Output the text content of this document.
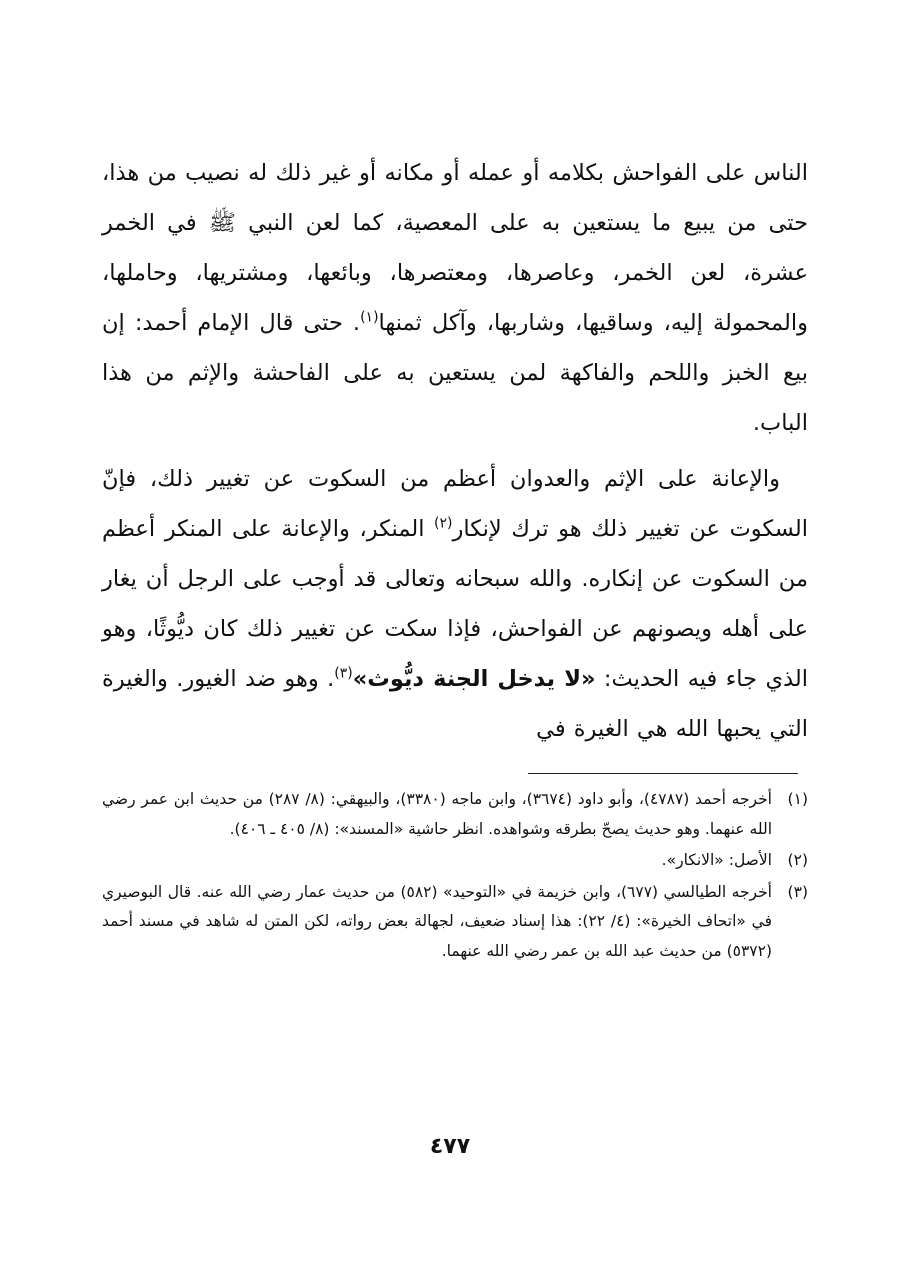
الناس على الفواحش بكلامه أو عمله أو مكانه أو غير ذلك له نصيب من هذا، حتى من يبيع ما يستعين به على المعصية، كما لعن النبي ﷺ في الخمر عشرة، لعن الخمر، وعاصرها، ومعتصرها، وبائعها، ومشتريها، وحاملها، والمحمولة إليه، وساقيها، وشاربها، وآكل ثمنها$^{(١)}$. حتى قال الإمام أحمد: إن بيع الخبز واللحم والفاكهة لمن يستعين به على الفاحشة والإثم من هذا الباب.

والإعانة على الإثم والعدوان أعظم من السكوت عن تغيير ذلك، فإنّ السكوت عن تغيير ذلك هو ترك لإنكار$^{(٢)}$ المنكر، والإعانة على المنكر أعظم من السكوت عن إنكاره. والله سبحانه وتعالى قد أوجب على الرجل أن يغار على أهله ويصونهم عن الفواحش، فإذا سكت عن تغيير ذلك كان ديُّوثًا، وهو الذي جاء فيه الحديث: «لا يدخل الجنة ديُّوث»$^{(٣)}$. وهو ضد الغيور. والغيرة التي يحبها الله هي الغيرة في

(١)
أخرجه أحمد (٤٧٨٧)، وأبو داود (٣٦٧٤)، وابن ماجه (٣٣٨٠)، والبيهقي: (٨/ ٢٨٧) من حديث ابن عمر رضي الله عنهما. وهو حديث يصحّ بطرقه وشواهده. انظر حاشية «المسند»: (٨/ ٤٠٥ ـ ٤٠٦).
(٢)
الأصل: «الانكار».
(٣)
أخرجه الطيالسي (٦٧٧)، وابن خزيمة في «التوحيد» (٥٨٢) من حديث عمار رضي الله عنه. قال البوصيري في «اتحاف الخيرة»: (٤/ ٢٢): هذا إسناد ضعيف، لجهالة بعض رواته، لكن المتن له شاهد في مسند أحمد (٥٣٧٢) من حديث عبد الله بن عمر رضي الله عنهما.
٤٧٧
